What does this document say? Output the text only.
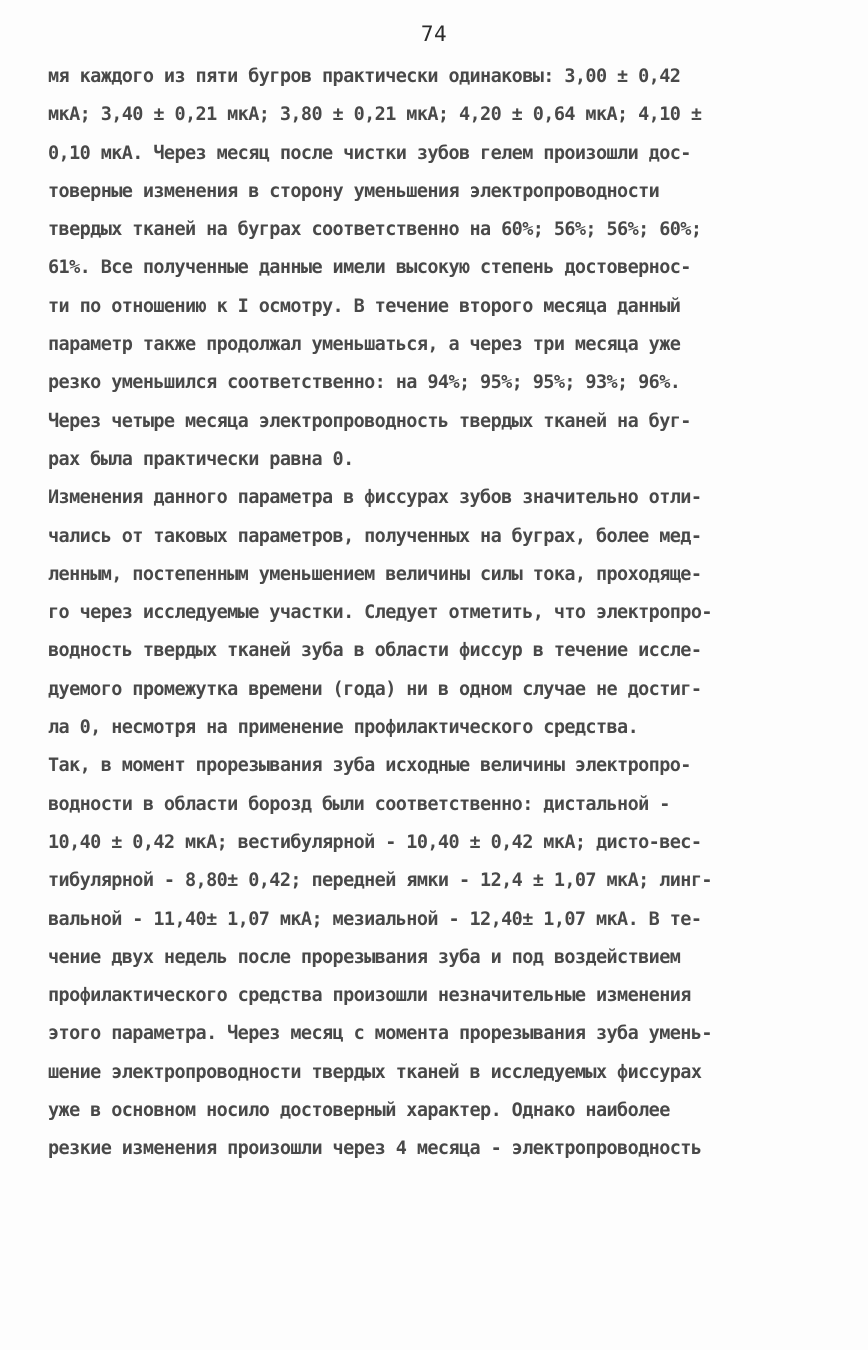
74
мя каждого из пяти бугров практически одинаковы: 3,00 ± 0,42
мкА; 3,40 ± 0,21 мкА; 3,80 ± 0,21 мкА; 4,20 ± 0,64 мкА; 4,10 ±
0,10 мкА. Через месяц после чистки зубов гелем произошли дос-
товерные изменения в сторону уменьшения электропроводности
твердых тканей на буграх соответственно на 60%; 56%; 56%; 60%;
61%. Все полученные данные имели высокую степень достовернос-
ти по отношению к I осмотру. В течение второго месяца данный
параметр также продолжал уменьшаться, а через три месяца уже
резко уменьшился соответственно: на 94%; 95%; 95%; 93%; 96%.
Через четыре месяца электропроводность твердых тканей на буг-
рах была практически равна 0.
Изменения данного параметра в фиссурах зубов значительно отли-
чались от таковых параметров, полученных на буграх, более мед-
ленным, постепенным уменьшением величины силы тока, проходяще-
го через исследуемые участки. Следует отметить, что электропро-
водность твердых тканей зуба в области фиссур в течение иссле-
дуемого промежутка времени (года) ни в одном случае не достиг-
ла 0, несмотря на применение профилактического средства.
Так, в момент прорезывания зуба исходные величины электропро-
водности в области борозд были соответственно: дистальной -
10,40 ± 0,42 мкА; вестибулярной - 10,40 ± 0,42 мкА; дисто-вес-
тибулярной - 8,80± 0,42; передней ямки - 12,4 ± 1,07 мкА; линг-
вальной - 11,40± 1,07 мкА; мезиальной - 12,40± 1,07 мкА. В те-
чение двух недель после прорезывания зуба и под воздействием
профилактического средства произошли незначительные изменения
этого параметра. Через месяц с момента прорезывания зуба умень-
шение электропроводности твердых тканей в исследуемых фиссурах
уже в основном носило достоверный характер. Однако наиболее
резкие изменения произошли через 4 месяца - электропроводность
